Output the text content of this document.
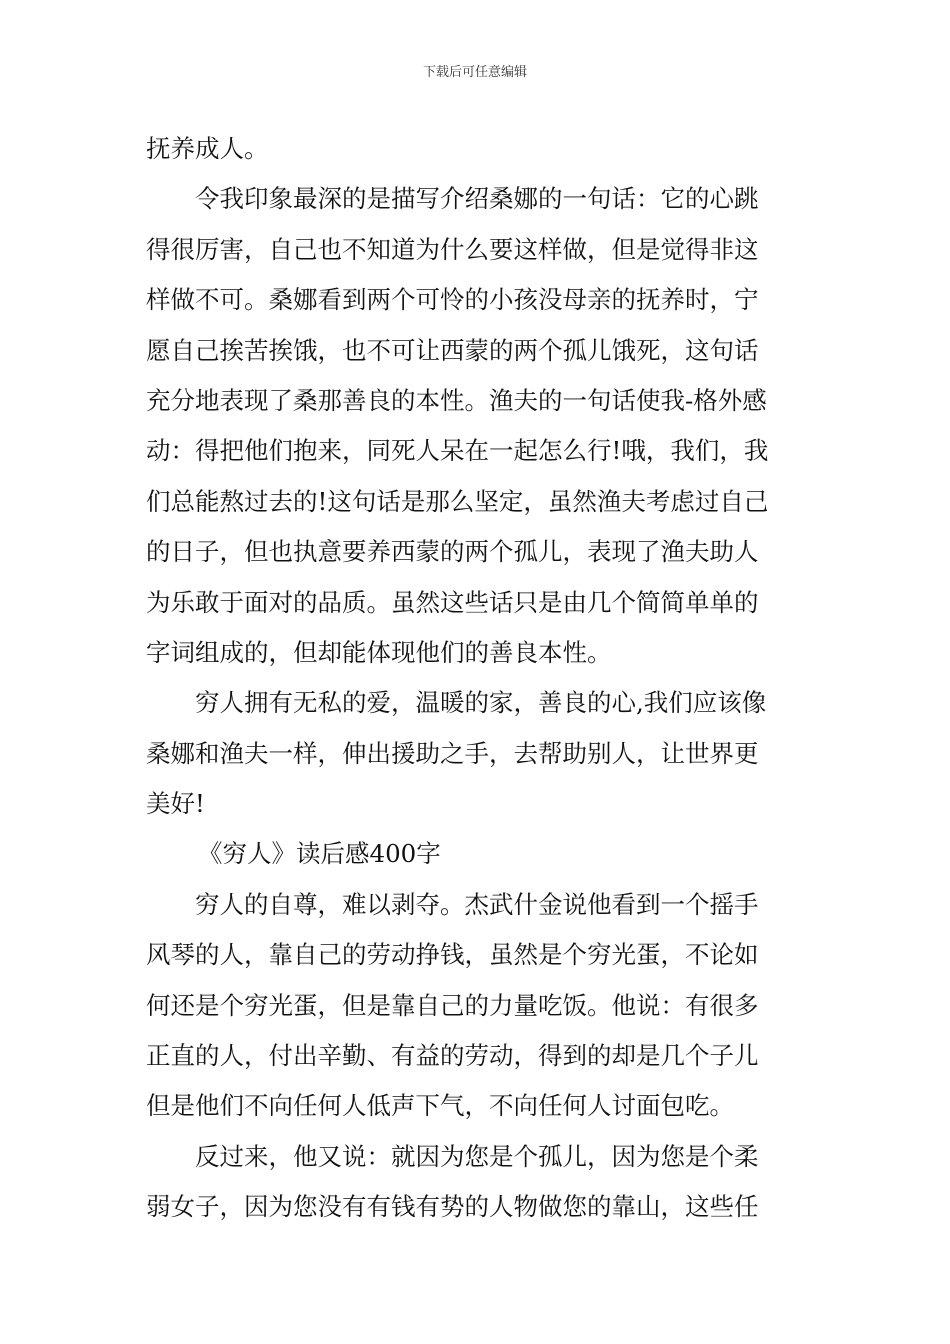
下载后可任意编辑
抚养成人。
令我印象最深的是描写介绍桑娜的一句话：它的心跳
得很厉害，自己也不知道为什么要这样做，但是觉得非这
样做不可。桑娜看到两个可怜的小孩没母亲的抚养时，宁
愿自己挨苦挨饿，也不可让西蒙的两个孤儿饿死，这句话
充分地表现了桑那善良的本性。渔夫的一句话使我-格外感
动：得把他们抱来，同死人呆在一起怎么行!哦，我们，我
们总能熬过去的!这句话是那么坚定，虽然渔夫考虑过自己
的日子，但也执意要养西蒙的两个孤儿，表现了渔夫助人
为乐敢于面对的品质。虽然这些话只是由几个简简单单的
字词组成的，但却能体现他们的善良本性。
穷人拥有无私的爱，温暖的家，善良的心,我们应该像
桑娜和渔夫一样，伸出援助之手，去帮助别人，让世界更
美好!
《穷人》读后感400字
穷人的自尊，难以剥夺。杰武什金说他看到一个摇手
风琴的人，靠自己的劳动挣钱，虽然是个穷光蛋，不论如
何还是个穷光蛋，但是靠自己的力量吃饭。他说：有很多
正直的人，付出辛勤、有益的劳动，得到的却是几个子儿
但是他们不向任何人低声下气，不向任何人讨面包吃。
反过来，他又说：就因为您是个孤儿，因为您是个柔
弱女子，因为您没有有钱有势的人物做您的靠山，这些任
